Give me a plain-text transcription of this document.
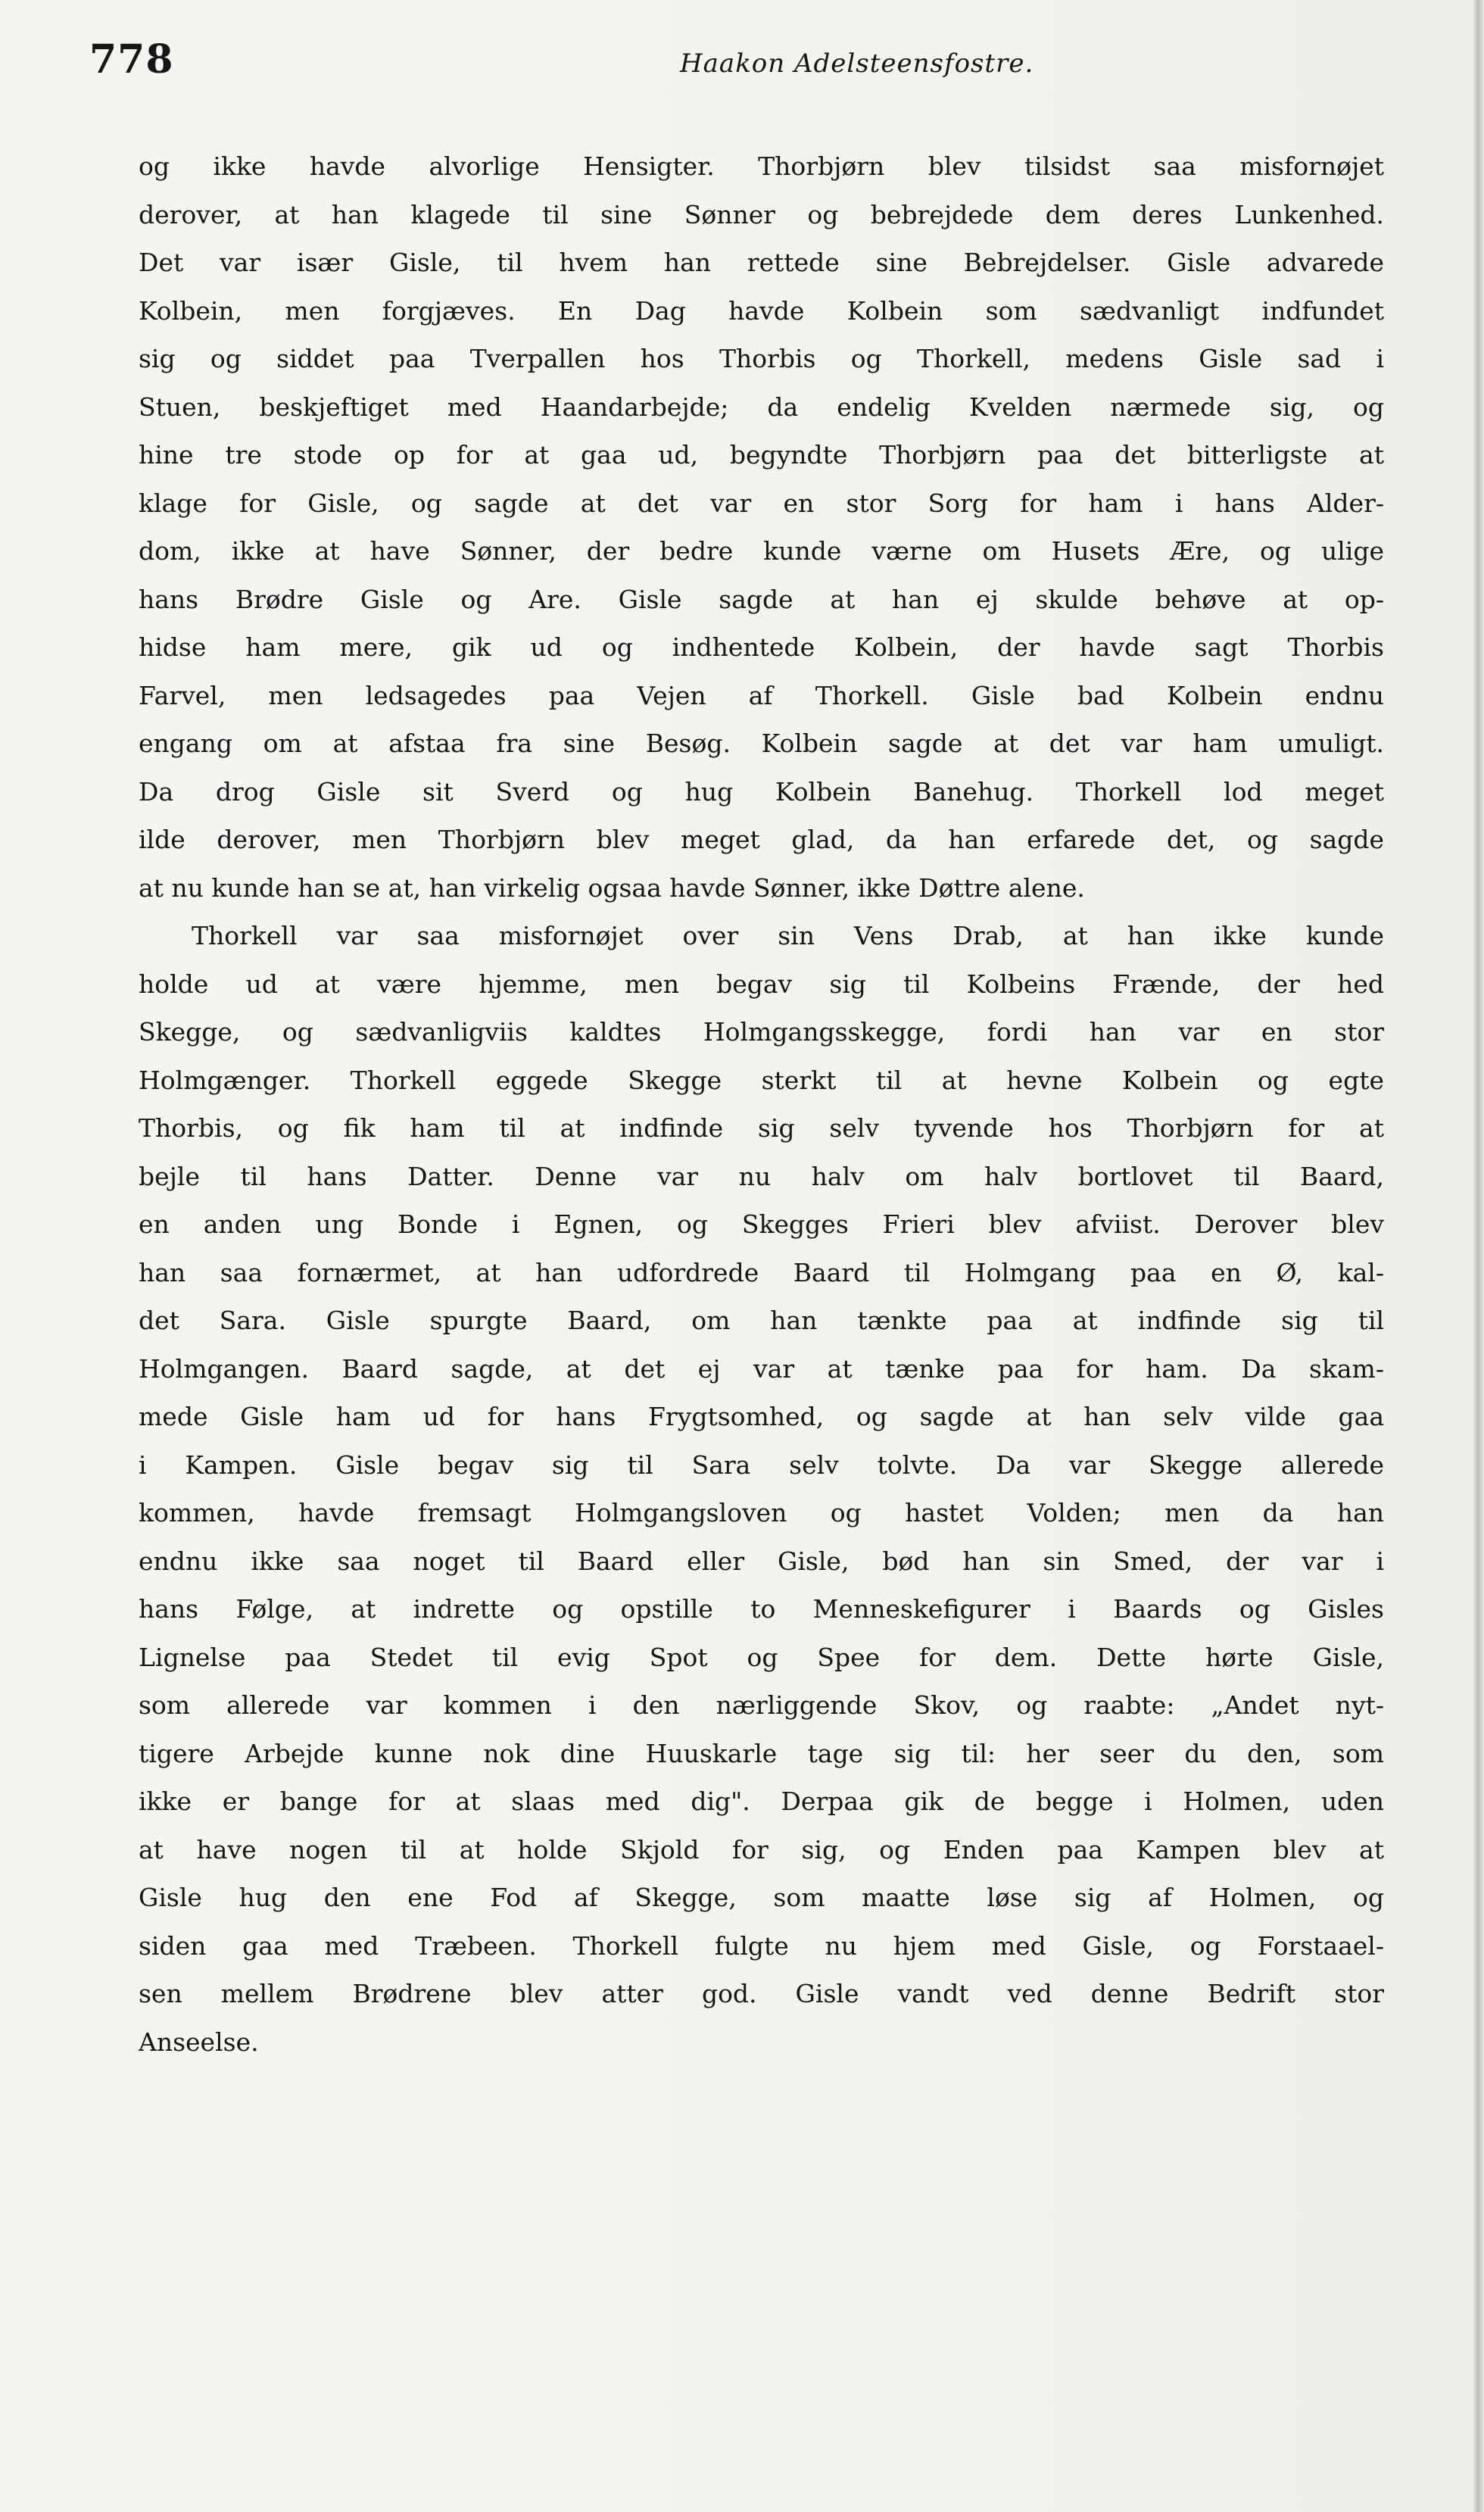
778	Haakon Adelsteensfostre.
og ikke havde alvorlige Hensigter. Thorbjørn blev tilsidst saa misfornøjet
derover, at han klagede til sine Sønner og bebrejdede dem deres Lunkenhed.
Det var især Gisle, til hvem han rettede sine Bebrejdelser. Gisle advarede
Kolbein, men forgjæves. En Dag havde Kolbein som sædvanligt indfundet
sig og siddet paa Tverpallen hos Thorbis og Thorkell, medens Gisle sad i
Stuen, beskjeftiget med Haandarbejde; da endelig Kvelden nærmede sig, og
hine tre stode op for at gaa ud, begyndte Thorbjørn paa det bitterligste at
klage for Gisle, og sagde at det var en stor Sorg for ham i hans Alder-
dom, ikke at have Sønner, der bedre kunde værne om Husets Ære, og ulige
hans Brødre Gisle og Are. Gisle sagde at han ej skulde behøve at op-
hidse ham mere, gik ud og indhentede Kolbein, der havde sagt Thorbis
Farvel, men ledsagedes paa Vejen af Thorkell. Gisle bad Kolbein endnu
engang om at afstaa fra sine Besøg. Kolbein sagde at det var ham umuligt.
Da drog Gisle sit Sverd og hug Kolbein Banehug. Thorkell lod meget
ilde derover, men Thorbjørn blev meget glad, da han erfarede det, og sagde
at nu kunde han se at, han virkelig ogsaa havde Sønner, ikke Døttre alene.
Thorkell var saa misfornøjet over sin Vens Drab, at han ikke kunde
holde ud at være hjemme, men begav sig til Kolbeins Frænde, der hed
Skegge, og sædvanligviis kaldtes Holmgangsskegge, fordi han var en stor
Holmgænger. Thorkell eggede Skegge sterkt til at hevne Kolbein og egte
Thorbis, og fik ham til at indfinde sig selv tyvende hos Thorbjørn for at
bejle til hans Datter. Denne var nu halv om halv bortlovet til Baard,
en anden ung Bonde i Egnen, og Skegges Frieri blev afviist. Derover blev
han saa fornærmet, at han udfordrede Baard til Holmgang paa en Ø, kal-
det Sara. Gisle spurgte Baard, om han tænkte paa at indfinde sig til
Holmgangen. Baard sagde, at det ej var at tænke paa for ham. Da skam-
mede Gisle ham ud for hans Frygtsomhed, og sagde at han selv vilde gaa
i Kampen. Gisle begav sig til Sara selv tolvte. Da var Skegge allerede
kommen, havde fremsagt Holmgangsloven og hastet Volden; men da han
endnu ikke saa noget til Baard eller Gisle, bød han sin Smed, der var i
hans Følge, at indrette og opstille to Menneskefigurer i Baards og Gisles
Lignelse paa Stedet til evig Spot og Spee for dem. Dette hørte Gisle,
som allerede var kommen i den nærliggende Skov, og raabte: „Andet nyt-
tigere Arbejde kunne nok dine Huuskarle tage sig til: her seer du den, som
ikke er bange for at slaas med dig". Derpaa gik de begge i Holmen, uden
at have nogen til at holde Skjold for sig, og Enden paa Kampen blev at
Gisle hug den ene Fod af Skegge, som maatte løse sig af Holmen, og
siden gaa med Træbeen. Thorkell fulgte nu hjem med Gisle, og Forstaael-
sen mellem Brødrene blev atter god. Gisle vandt ved denne Bedrift stor
Anseelse.
